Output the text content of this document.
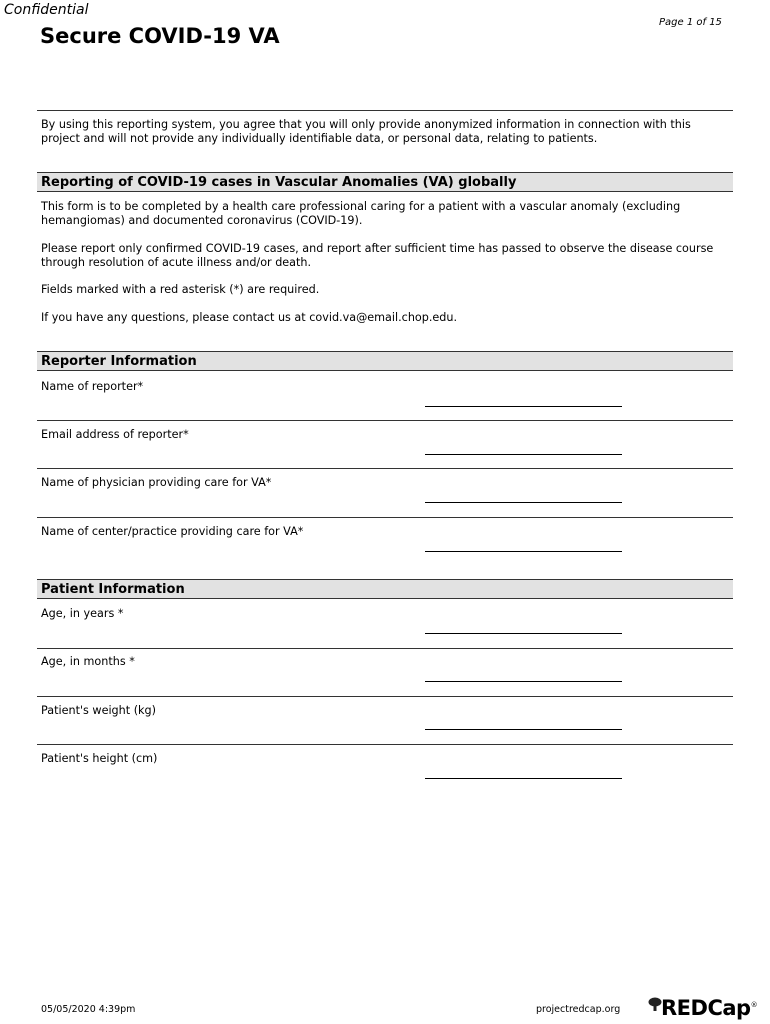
Confidential
Page 1 of 15
Secure COVID-19 VA
By using this reporting system, you agree that you will only provide anonymized information in connection with this project and will not provide any individually identifiable data, or personal data, relating to patients.
Reporting of COVID-19 cases in Vascular Anomalies (VA) globally
This form is to be completed by a health care professional caring for a patient with a vascular anomaly (excluding hemangiomas) and documented coronavirus (COVID-19).
Please report only confirmed COVID-19 cases, and report after sufficient time has passed to observe the disease course through resolution of acute illness and/or death.
Fields marked with a red asterisk (*) are required.
If you have any questions, please contact us at covid.va@email.chop.edu.
Reporter Information
Name of reporter*
Email address of reporter*
Name of physician providing care for VA*
Name of center/practice providing care for VA*
Patient Information
Age, in years *
Age, in months *
Patient's weight (kg)
Patient's height (cm)
05/05/2020 4:39pm	projectredcap.org	REDCap®
